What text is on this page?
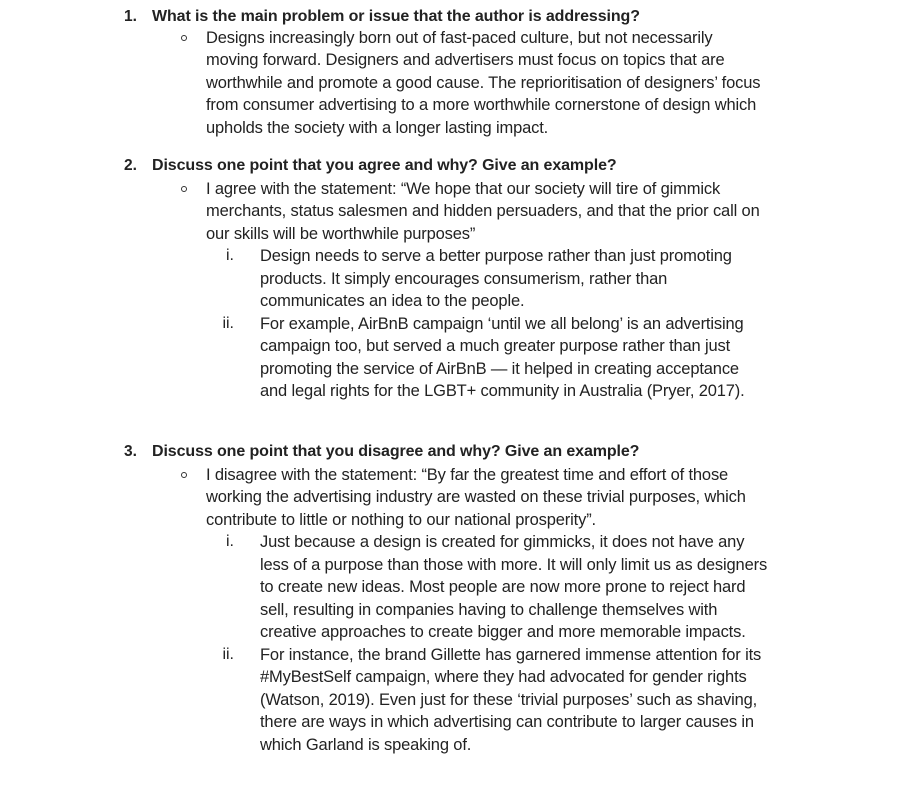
1. What is the main problem or issue that the author is addressing?
Designs increasingly born out of fast-paced culture, but not necessarily
moving forward. Designers and advertisers must focus on topics that are
worthwhile and promote a good cause. The reprioritisation of designers’ focus
from consumer advertising to a more worthwhile cornerstone of design which
upholds the society with a longer lasting impact.
2. Discuss one point that you agree and why? Give an example?
I agree with the statement: “We hope that our society will tire of gimmick
merchants, status salesmen and hidden persuaders, and that the prior call on
our skills will be worthwhile purposes”
i. Design needs to serve a better purpose rather than just promoting
products. It simply encourages consumerism, rather than
communicates an idea to the people.
ii. For example, AirBnB campaign ‘until we all belong’ is an advertising
campaign too, but served a much greater purpose rather than just
promoting the service of AirBnB — it helped in creating acceptance
and legal rights for the LGBT+ community in Australia (Pryer, 2017).
3. Discuss one point that you disagree and why? Give an example?
I disagree with the statement: “By far the greatest time and effort of those
working the advertising industry are wasted on these trivial purposes, which
contribute to little or nothing to our national prosperity”.
i. Just because a design is created for gimmicks, it does not have any
less of a purpose than those with more. It will only limit us as designers
to create new ideas. Most people are now more prone to reject hard
sell, resulting in companies having to challenge themselves with
creative approaches to create bigger and more memorable impacts.
ii. For instance, the brand Gillette has garnered immense attention for its
#MyBestSelf campaign, where they had advocated for gender rights
(Watson, 2019). Even just for these ‘trivial purposes’ such as shaving,
there are ways in which advertising can contribute to larger causes in
which Garland is speaking of.
